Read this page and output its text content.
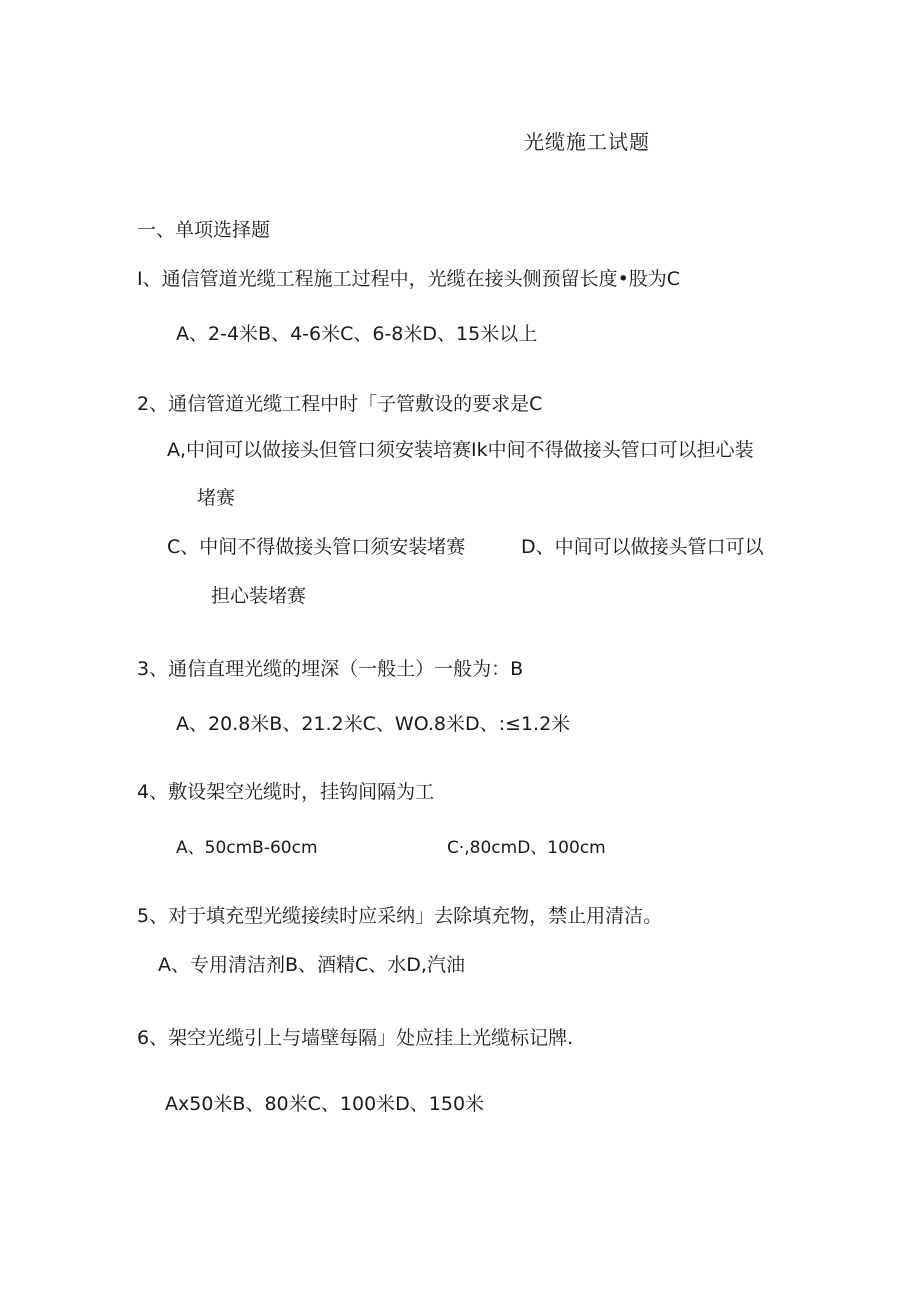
光缆施工试题
一、单项选择题
I、通信管道光缆工程施工过程中，光缆在接头侧预留长度•股为C
A、2-4米B、4-6米C、6-8米D、15米以上
2、通信管道光缆工程中时「子管敷设的要求是C
A,中间可以做接头但管口须安装培赛Ik中间不得做接头管口可以担心装
堵赛
C、中间不得做接头管口须安装堵赛	D、中间可以做接头管口可以
担心装堵赛
3、通信直理光缆的埋深（一般土）一般为：B
A、20.8米B、21.2米C、WO.8米D、:≤1.2米
4、敷设架空光缆时，挂钩间隔为工
A、50cmB-60cm	C·,80cmD、100cm
5、对于填充型光缆接续时应采纳」去除填充物，禁止用清洁。
A、专用清洁剂B、酒精C、水D,汽油
6、架空光缆引上与墙壁每隔」处应挂上光缆标记牌.
Ax50米B、80米C、100米D、150米
